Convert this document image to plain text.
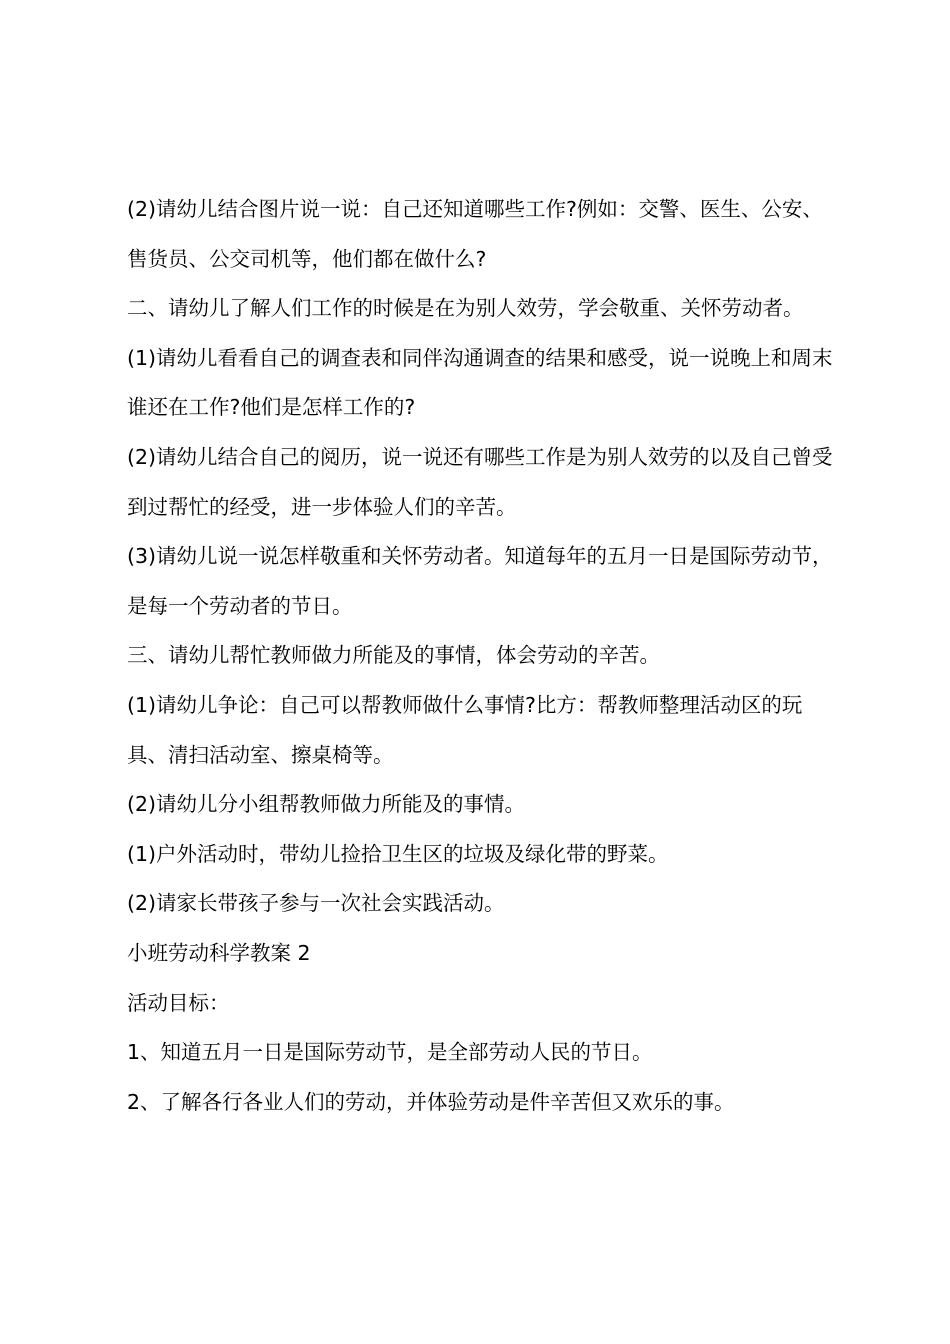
(2)请幼儿结合图片说一说：自己还知道哪些工作?例如：交警、医生、公安、售货员、公交司机等，他们都在做什么?

二、请幼儿了解人们工作的时候是在为别人效劳，学会敬重、关怀劳动者。

(1)请幼儿看看自己的调查表和同伴沟通调查的结果和感受，说一说晚上和周末谁还在工作?他们是怎样工作的?

(2)请幼儿结合自己的阅历，说一说还有哪些工作是为别人效劳的以及自己曾受到过帮忙的经受，进一步体验人们的辛苦。

(3)请幼儿说一说怎样敬重和关怀劳动者。知道每年的五月一日是国际劳动节，是每一个劳动者的节日。

三、请幼儿帮忙教师做力所能及的事情，体会劳动的辛苦。

(1)请幼儿争论：自己可以帮教师做什么事情?比方：帮教师整理活动区的玩具、清扫活动室、擦桌椅等。

(2)请幼儿分小组帮教师做力所能及的事情。

(1)户外活动时，带幼儿捡拾卫生区的垃圾及绿化带的野菜。

(2)请家长带孩子参与一次社会实践活动。

小班劳动科学教案 2

活动目标：

1、知道五月一日是国际劳动节，是全部劳动人民的节日。

2、了解各行各业人们的劳动，并体验劳动是件辛苦但又欢乐的事。
